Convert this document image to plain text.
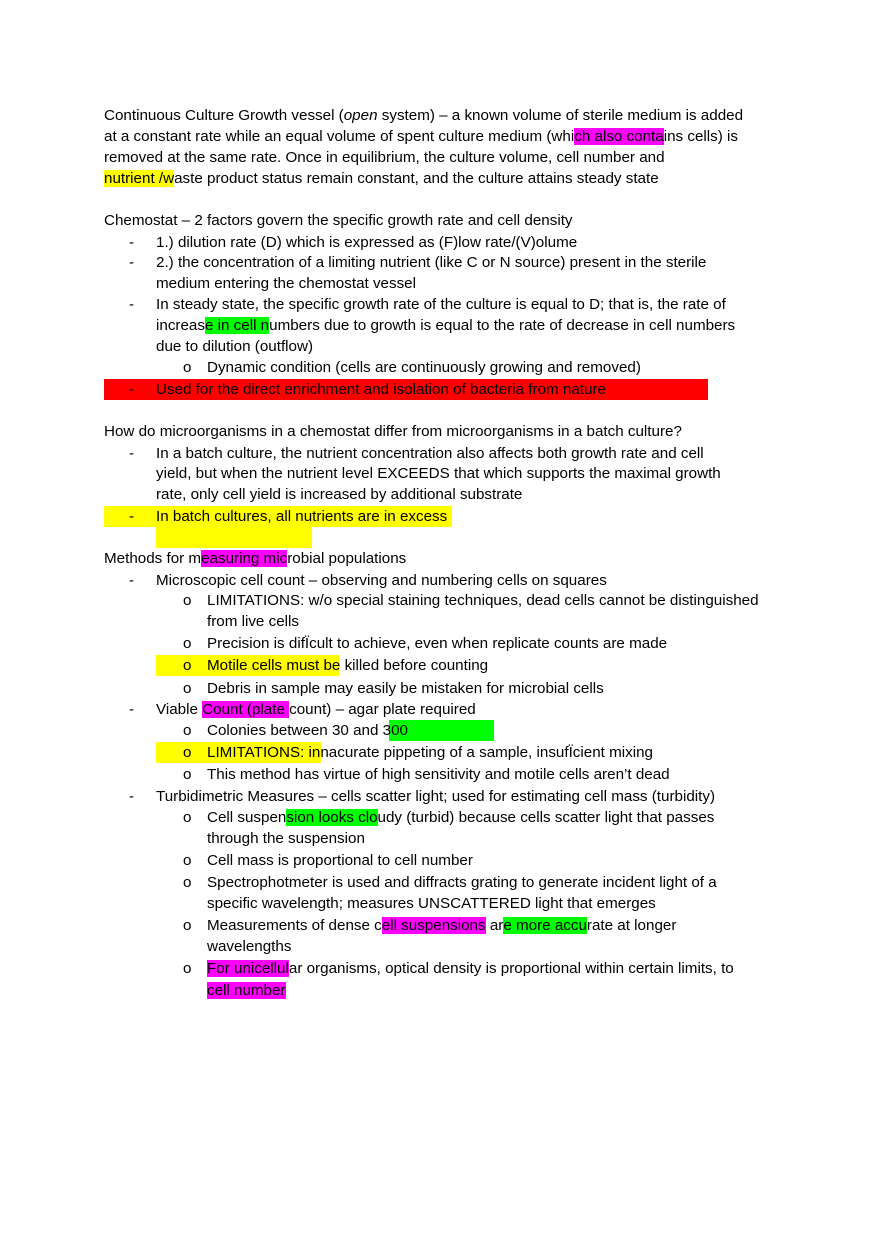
Continuous Culture Growth vessel (open system) – a known volume of sterile medium is added
at a constant rate while an equal volume of spent culture medium (which also contains cells) is
removed at the same rate. Once in equilibrium, the culture volume, cell number and
nutrient /waste product status remain constant, and the culture attains steady state
Chemostat – 2 factors govern the specific growth rate and cell density
- 1.) dilution rate (D) which is expressed as (F)low rate/(V)olume
- 2.) the concentration of a limiting nutrient (like C or N source) present in the sterile
medium entering the chemostat vessel
- In steady state, the specific growth rate of the culture is equal to D; that is, the rate of
increase in cell numbers due to growth is equal to the rate of decrease in cell numbers
due to dilution (outflow)
o Dynamic condition (cells are continuously growing and removed)
- Used for the direct enrichment and isolation of bacteria from nature
How do microorganisms in a chemostat differ from microorganisms in a batch culture?
- In a batch culture, the nutrient concentration also affects both growth rate and cell
yield, but when the nutrient level EXCEEDS that which supports the maximal growth
rate, only cell yield is increased by additional substrate
- In batch cultures, all nutrients are in excess
Methods for measuring microbial populations
- Microscopic cell count – observing and numbering cells on squares
o LIMITATIONS: w/o special staining techniques, dead cells cannot be distinguished
from live cells
o Precision is difÏcult to achieve, even when replicate counts are made
o Motile cells must be killed before counting
o Debris in sample may easily be mistaken for microbial cells
- Viable Count (plate count) – agar plate required
o Colonies between 30 and 300
o LIMITATIONS: innacurate pippeting of a sample, insufÏcient mixing
o This method has virtue of high sensitivity and motile cells aren’t dead
- Turbidimetric Measures – cells scatter light; used for estimating cell mass (turbidity)
o Cell suspension looks cloudy (turbid) because cells scatter light that passes
through the suspension
o Cell mass is proportional to cell number
o Spectrophotmeter is used and diffracts grating to generate incident light of a
specific wavelength; measures UNSCATTERED light that emerges
o Measurements of dense cell suspensions are more accurate at longer
wavelengths
o For unicellular organisms, optical density is proportional within certain limits, to
cell number
